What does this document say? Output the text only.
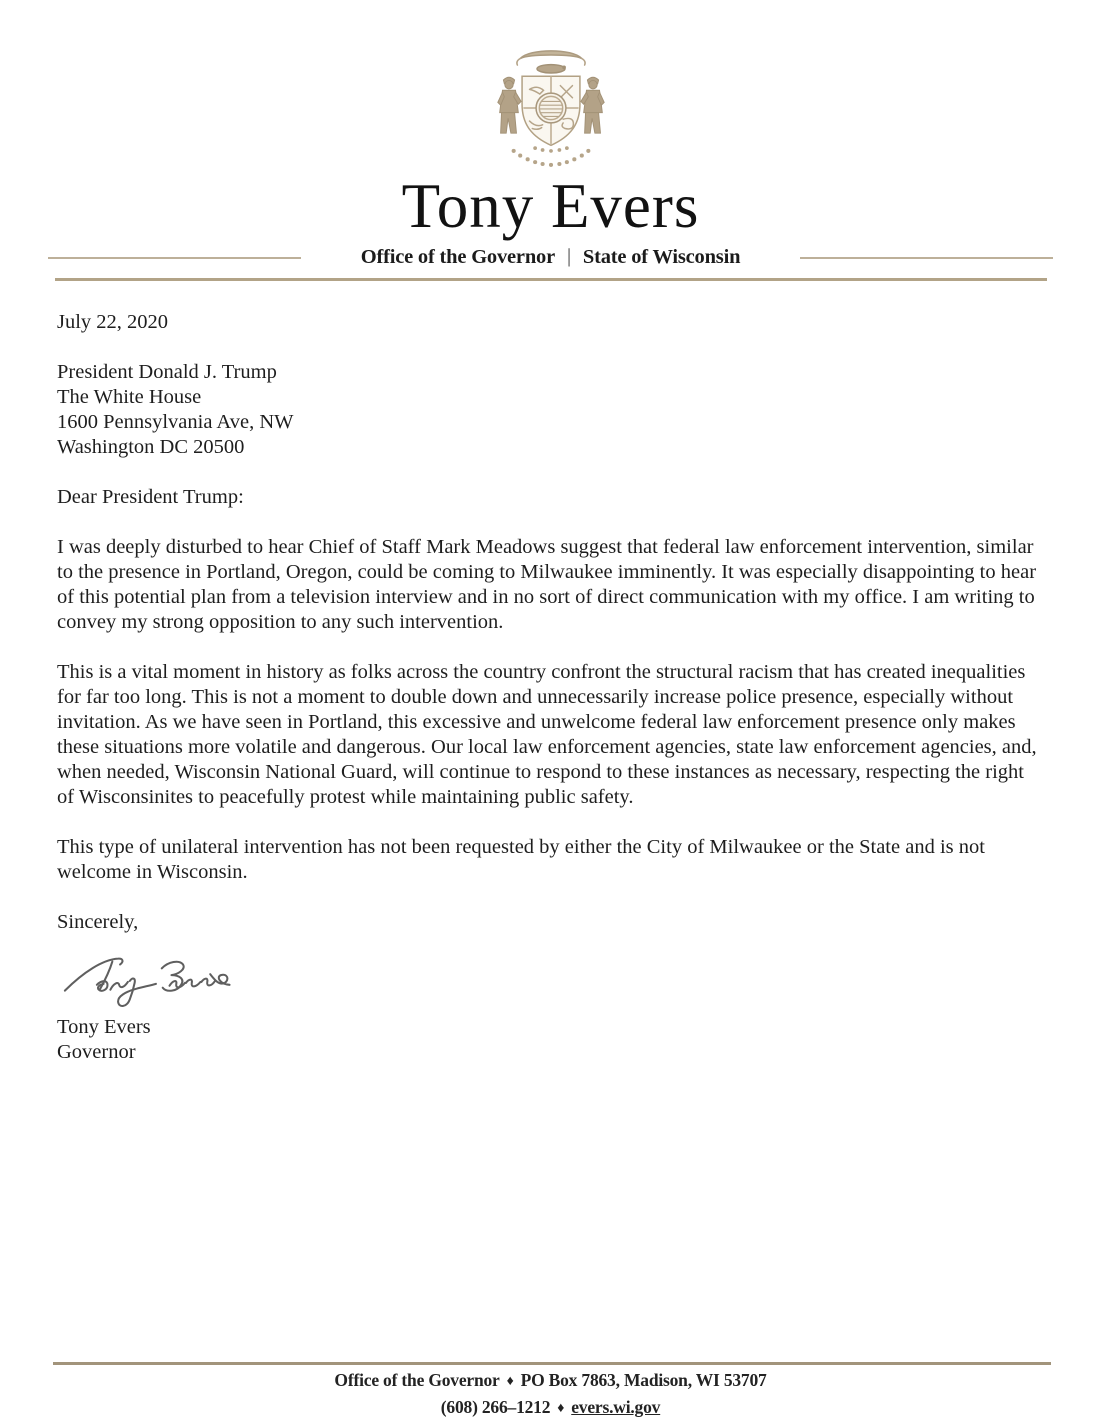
Tony Evers
Office of the Governor | State of Wisconsin
July 22, 2020
President Donald J. Trump
The White House
1600 Pennsylvania Ave, NW
Washington DC 20500
Dear President Trump:
I was deeply disturbed to hear Chief of Staff Mark Meadows suggest that federal law enforcement intervention, similar to the presence in Portland, Oregon, could be coming to Milwaukee imminently. It was especially disappointing to hear of this potential plan from a television interview and in no sort of direct communication with my office. I am writing to convey my strong opposition to any such intervention.
This is a vital moment in history as folks across the country confront the structural racism that has created inequalities for far too long. This is not a moment to double down and unnecessarily increase police presence, especially without invitation. As we have seen in Portland, this excessive and unwelcome federal law enforcement presence only makes these situations more volatile and dangerous. Our local law enforcement agencies, state law enforcement agencies, and, when needed, Wisconsin National Guard, will continue to respond to these instances as necessary, respecting the right of Wisconsinites to peacefully protest while maintaining public safety.
This type of unilateral intervention has not been requested by either the City of Milwaukee or the State and is not welcome in Wisconsin.
Sincerely,
Tony Evers
Governor
Office of the Governor ♦ PO Box 7863, Madison, WI 53707
(608) 266–1212 ♦ evers.wi.gov
